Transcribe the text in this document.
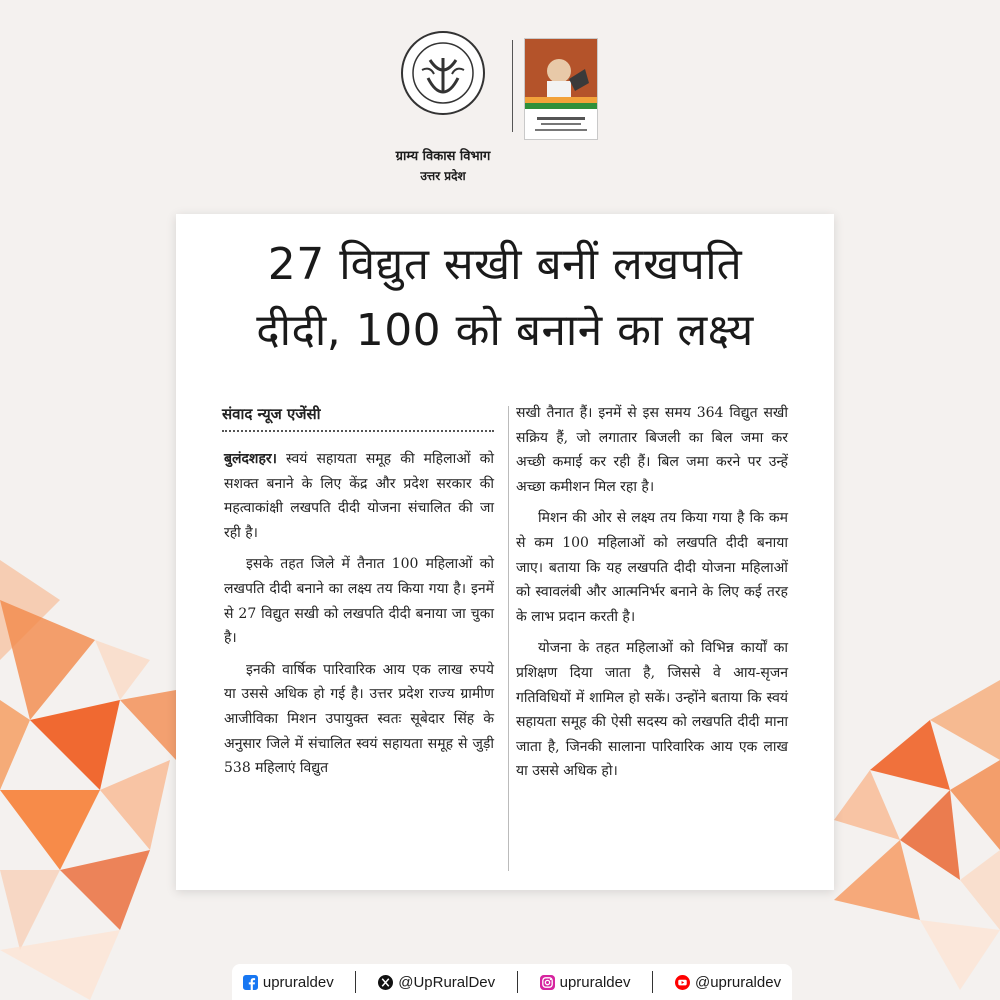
ग्राम्य विकास विभाग
उत्तर प्रदेश
27 विद्युत सखी बनीं लखपति
दीदी, 100 को बनाने का लक्ष्य
संवाद न्यूज एजेंसी

बुलंदशहर। स्वयं सहायता समूह की महिलाओं को सशक्त बनाने के लिए केंद्र और प्रदेश सरकार की महत्वाकांक्षी लखपति दीदी योजना संचालित की जा रही है।

इसके तहत जिले में तैनात 100 महिलाओं को लखपति दीदी बनाने का लक्ष्य तय किया गया है। इनमें से 27 विद्युत सखी को लखपति दीदी बनाया जा चुका है।

इनकी वार्षिक पारिवारिक आय एक लाख रुपये या उससे अधिक हो गई है। उत्तर प्रदेश राज्य ग्रामीण आजीविका मिशन उपायुक्त स्वतः सूबेदार सिंह के अनुसार जिले में संचालित स्वयं सहायता समूह से जुड़ी 538 महिलाएं विद्युत

सखी तैनात हैं। इनमें से इस समय 364 विद्युत सखी सक्रिय हैं, जो लगातार बिजली का बिल जमा कर अच्छी कमाई कर रही हैं। बिल जमा करने पर उन्हें अच्छा कमीशन मिल रहा है।

मिशन की ओर से लक्ष्य तय किया गया है कि कम से कम 100 महिलाओं को लखपति दीदी बनाया जाए। बताया कि यह लखपति दीदी योजना महिलाओं को स्वावलंबी और आत्मनिर्भर बनाने के लिए कई तरह के लाभ प्रदान करती है।

योजना के तहत महिलाओं को विभिन्न कार्यों का प्रशिक्षण दिया जाता है, जिससे वे आय-सृजन गतिविधियों में शामिल हो सकें। उन्होंने बताया कि स्वयं सहायता समूह की ऐसी सदस्य को लखपति दीदी माना जाता है, जिनकी सालाना पारिवारिक आय एक लाख या उससे अधिक हो।

upruraldev	@UpRuralDev	upruraldev	@upruraldev
